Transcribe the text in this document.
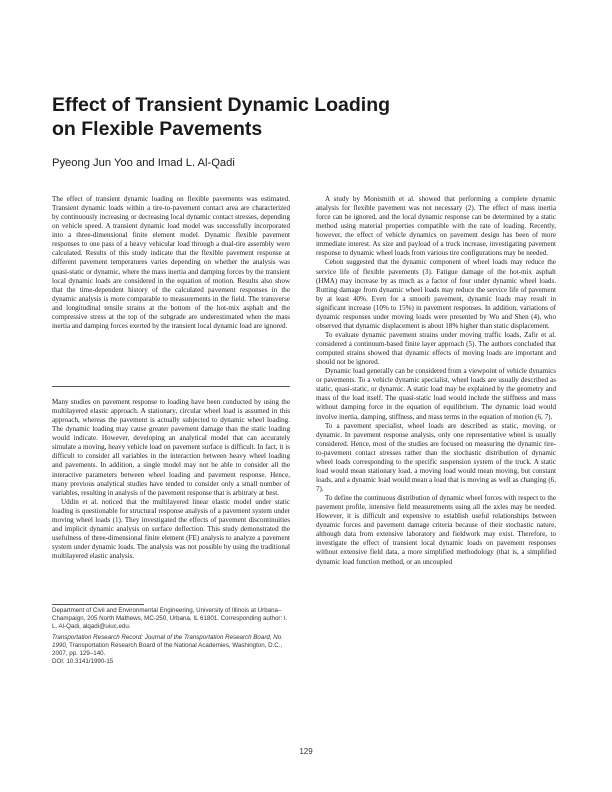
Effect of Transient Dynamic Loading
on Flexible Pavements

Pyeong Jun Yoo and Imad L. Al-Qadi

The effect of transient dynamic loading on flexible pavements was estimated. Transient dynamic loads within a tire-to-pavement contact area are characterized by continuously increasing or decreasing local dynamic contact stresses, depending on vehicle speed. A transient dynamic load model was successfully incorporated into a three-dimensional finite element model. Dynamic flexible pavement responses to one pass of a heavy vehicular load through a dual-tire assembly were calculated. Results of this study indicate that the flexible pavement response at different pavement temperatures varies depending on whether the analysis was quasi-static or dynamic, where the mass inertia and damping forces by the transient local dynamic loads are considered in the equation of motion. Results also show that the time-dependent history of the calculated pavement responses in the dynamic analysis is more comparable to measurements in the field. The transverse and longitudinal tensile strains at the bottom of the hot-mix asphalt and the compressive stress at the top of the subgrade are underestimated when the mass inertia and damping forces exerted by the transient local dynamic load are ignored.

Many studies on pavement response to loading have been conducted by using the multilayered elastic approach. A stationary, circular wheel load is assumed in this approach, whereas the pavement is actually subjected to dynamic wheel loading. The dynamic loading may cause greater pavement damage than the static loading would indicate. However, developing an analytical model that can accurately simulate a moving, heavy vehicle load on pavement surface is difficult. In fact, it is difficult to consider all variables in the interaction between heavy wheel loading and pavements. In addition, a single model may not be able to consider all the interactive parameters between wheel loading and pavement response. Hence, many previous analytical studies have tended to consider only a small number of variables, resulting in analysis of the pavement response that is arbitrary at best.

Uddin et al. noticed that the multilayered linear elastic model under static loading is questionable for structural response analysis of a pavement system under moving wheel loads (1). They investigated the effects of pavement discontinuities and implicit dynamic analysis on surface deflection. This study demonstrated the usefulness of three-dimensional finite element (FE) analysis to analyze a pavement system under dynamic loads. The analysis was not possible by using the traditional multilayered elastic analysis.

A study by Monismith et al. showed that performing a complete dynamic analysis for flexible pavement was not necessary (2). The effect of mass inertia force can be ignored, and the local dynamic response can be determined by a static method using material properties compatible with the rate of loading. Recently, however, the effect of vehicle dynamics on pavement design has been of more immediate interest. As size and payload of a truck increase, investigating pavement response to dynamic wheel loads from various tire configurations may be needed.

Cebon suggested that the dynamic component of wheel loads may reduce the service life of flexible pavements (3). Fatigue damage of the hot-mix asphalt (HMA) may increase by as much as a factor of four under dynamic wheel loads. Rutting damage from dynamic wheel loads may reduce the service life of pavement by at least 40%. Even for a smooth pavement, dynamic loads may result in significant increase (10% to 15%) in pavement responses. In addition, variations of dynamic responses under moving loads were presented by Wu and Shen (4), who observed that dynamic displacement is about 18% higher than static displacement.

To evaluate dynamic pavement strains under moving traffic loads, Zafir et al. considered a continuum-based finite layer approach (5). The authors concluded that computed strains showed that dynamic effects of moving loads are important and should not be ignored.

Dynamic load generally can be considered from a viewpoint of vehicle dynamics or pavements. To a vehicle dynamic specialist, wheel loads are usually described as static, quasi-static, or dynamic. A static load may be explained by the geometry and mass of the load itself. The quasi-static load would include the stiffness and mass without damping force in the equation of equilibrium. The dynamic load would involve inertia, damping, stiffness, and mass terms in the equation of motion (6, 7).

To a pavement specialist, wheel loads are described as static, moving, or dynamic. In pavement response analysis, only one representative wheel is usually considered. Hence, most of the studies are focused on measuring the dynamic tire-to-pavement contact stresses rather than the stochastic distribution of dynamic wheel loads corresponding to the specific suspension system of the truck. A static load would mean stationary load, a moving load would mean moving, but constant loads, and a dynamic load would mean a load that is moving as well as changing (6, 7).

To define the continuous distribution of dynamic wheel forces with respect to the pavement profile, intensive field measurements using all the axles may be needed. However, it is difficult and expensive to establish useful relationships between dynamic forces and pavement damage criteria because of their stochastic nature, although data from extensive laboratory and fieldwork may exist. Therefore, to investigate the effect of transient local dynamic loads on pavement responses without extensive field data, a more simplified methodology (that is, a simplified dynamic load function method, or an uncoupled

Department of Civil and Environmental Engineering, University of Illinois at Urbana–Champaign, 205 North Mathews, MC-250, Urbana, IL 61801. Corresponding author: I. L. Al-Qadi, alqadi@uiuc.edu.

Transportation Research Record: Journal of the Transportation Research Board, No. 1990, Transportation Research Board of the National Academies, Washington, D.C., 2007, pp. 129–140.
DOI: 10.3141/1990-15

129
